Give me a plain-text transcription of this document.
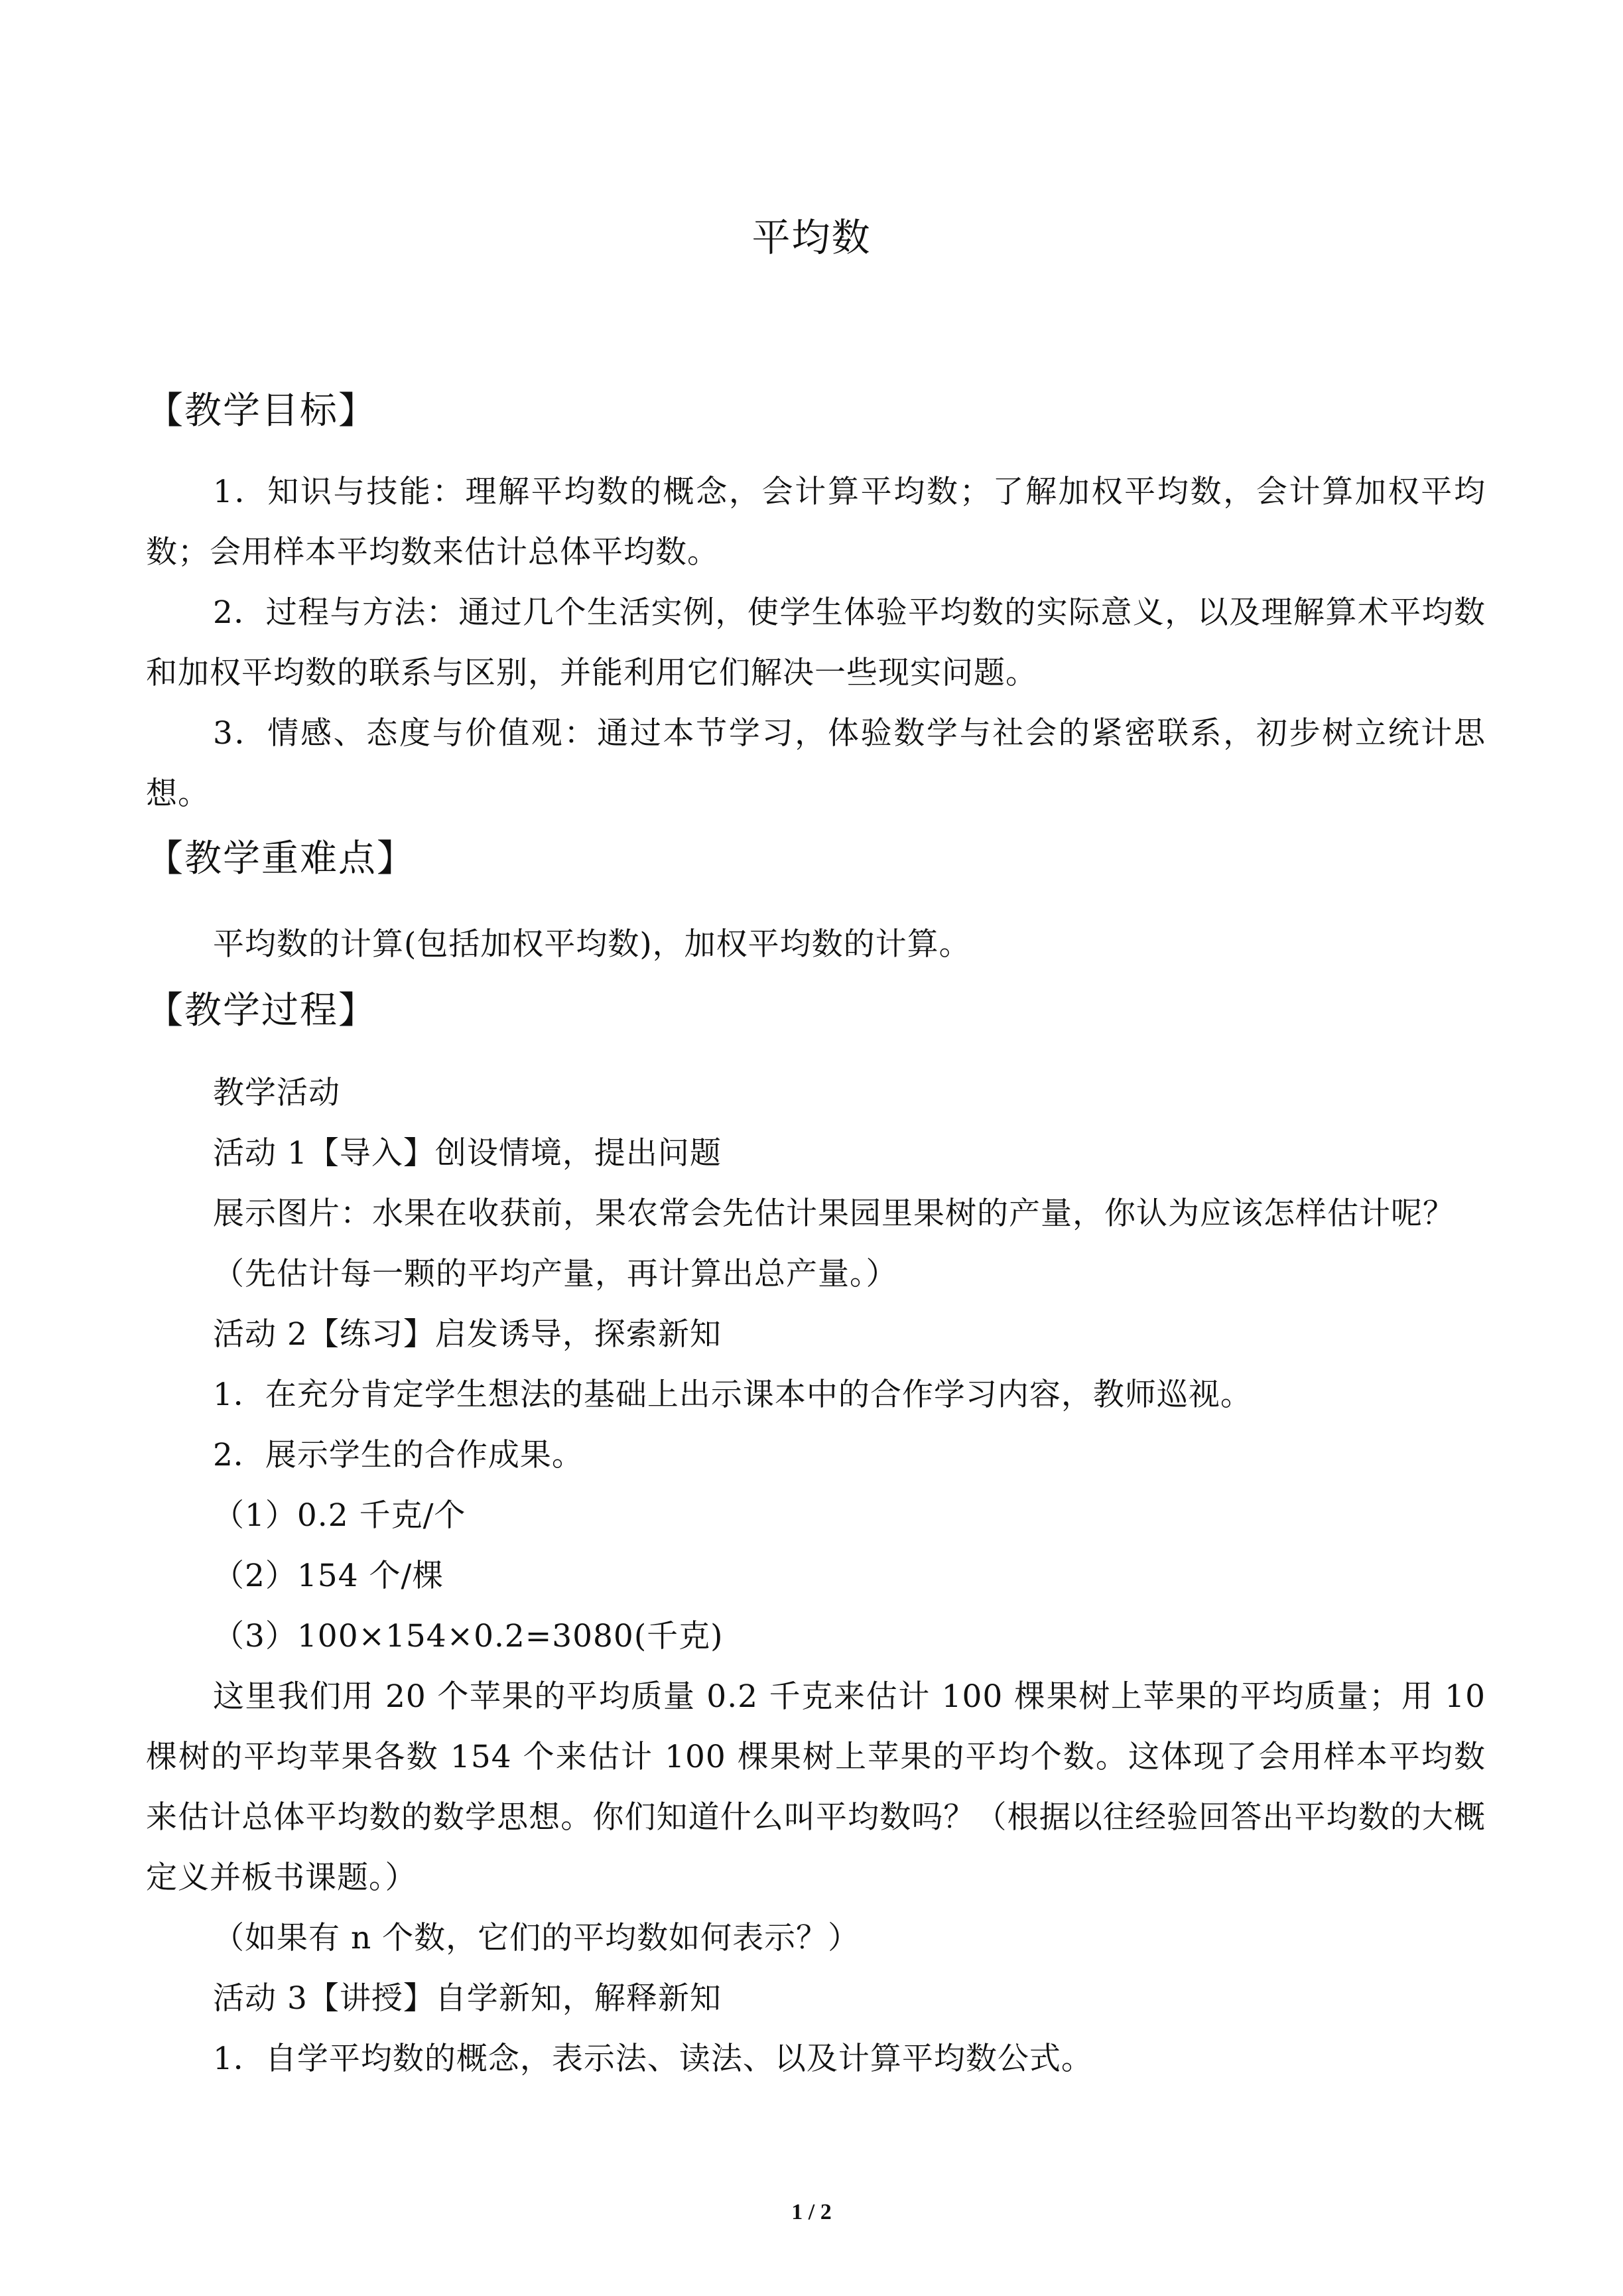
平均数
【教学目标】
1．知识与技能：理解平均数的概念，会计算平均数；了解加权平均数，会计算加权平均数；会用样本平均数来估计总体平均数。
2．过程与方法：通过几个生活实例，使学生体验平均数的实际意义，以及理解算术平均数和加权平均数的联系与区别，并能利用它们解决一些现实问题。
3．情感、态度与价值观：通过本节学习，体验数学与社会的紧密联系，初步树立统计思想。
【教学重难点】
平均数的计算(包括加权平均数)，加权平均数的计算。
【教学过程】
教学活动
活动 1【导入】创设情境，提出问题
展示图片：水果在收获前，果农常会先估计果园里果树的产量，你认为应该怎样估计呢？
（先估计每一颗的平均产量，再计算出总产量。）
活动 2【练习】启发诱导，探索新知
1．在充分肯定学生想法的基础上出示课本中的合作学习内容，教师巡视。
2．展示学生的合作成果。
（1）0.2 千克/个
（2）154 个/棵
（3）100×154×0.2=3080(千克)
这里我们用 20 个苹果的平均质量 0.2 千克来估计 100 棵果树上苹果的平均质量；用 10 棵树的平均苹果各数 154 个来估计 100 棵果树上苹果的平均个数。这体现了会用样本平均数来估计总体平均数的数学思想。你们知道什么叫平均数吗？（根据以往经验回答出平均数的大概定义并板书课题。）
（如果有 n 个数，它们的平均数如何表示？）
活动 3【讲授】自学新知，解释新知
1．自学平均数的概念，表示法、读法、以及计算平均数公式。
1 / 2
